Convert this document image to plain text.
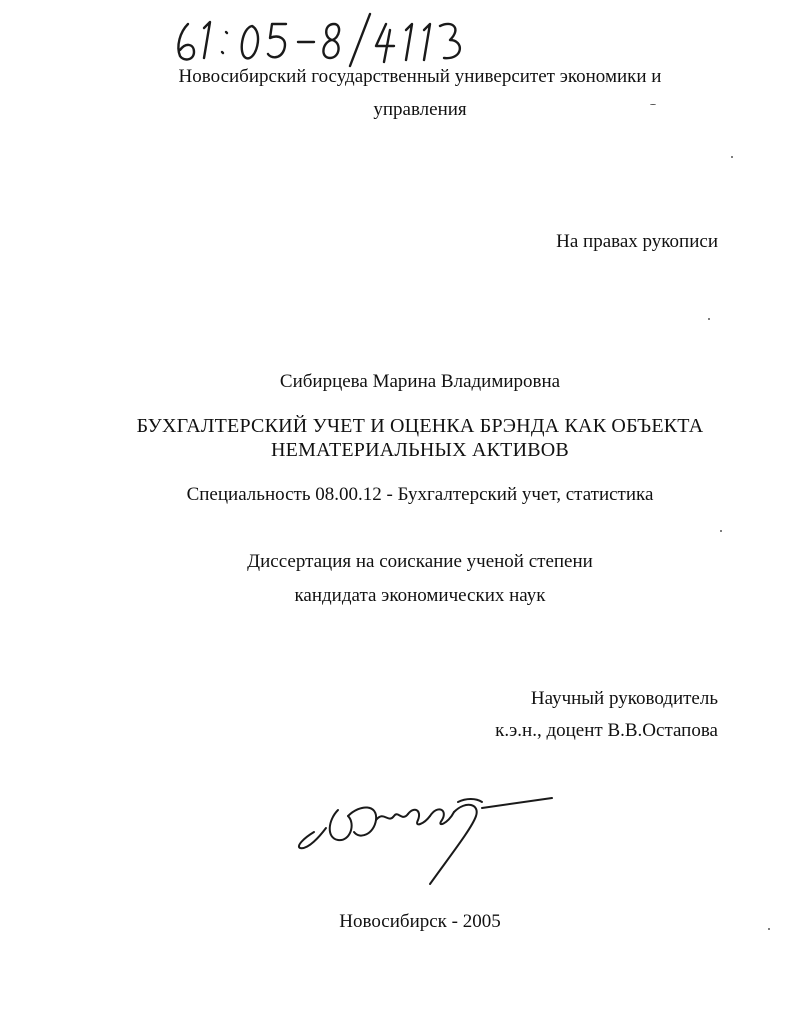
Новосибирский государственный университет экономики и
управления
На правах рукописи
Сибирцева Марина Владимировна
БУХГАЛТЕРСКИЙ УЧЕТ И ОЦЕНКА БРЭНДА КАК ОБЪЕКТА
НЕМАТЕРИАЛЬНЫХ АКТИВОВ
Специальность 08.00.12 - Бухгалтерский учет, статистика
Диссертация на соискание ученой степени
кандидата экономических наук
Научный руководитель
к.э.н., доцент В.В.Остапова
Новосибирск - 2005
